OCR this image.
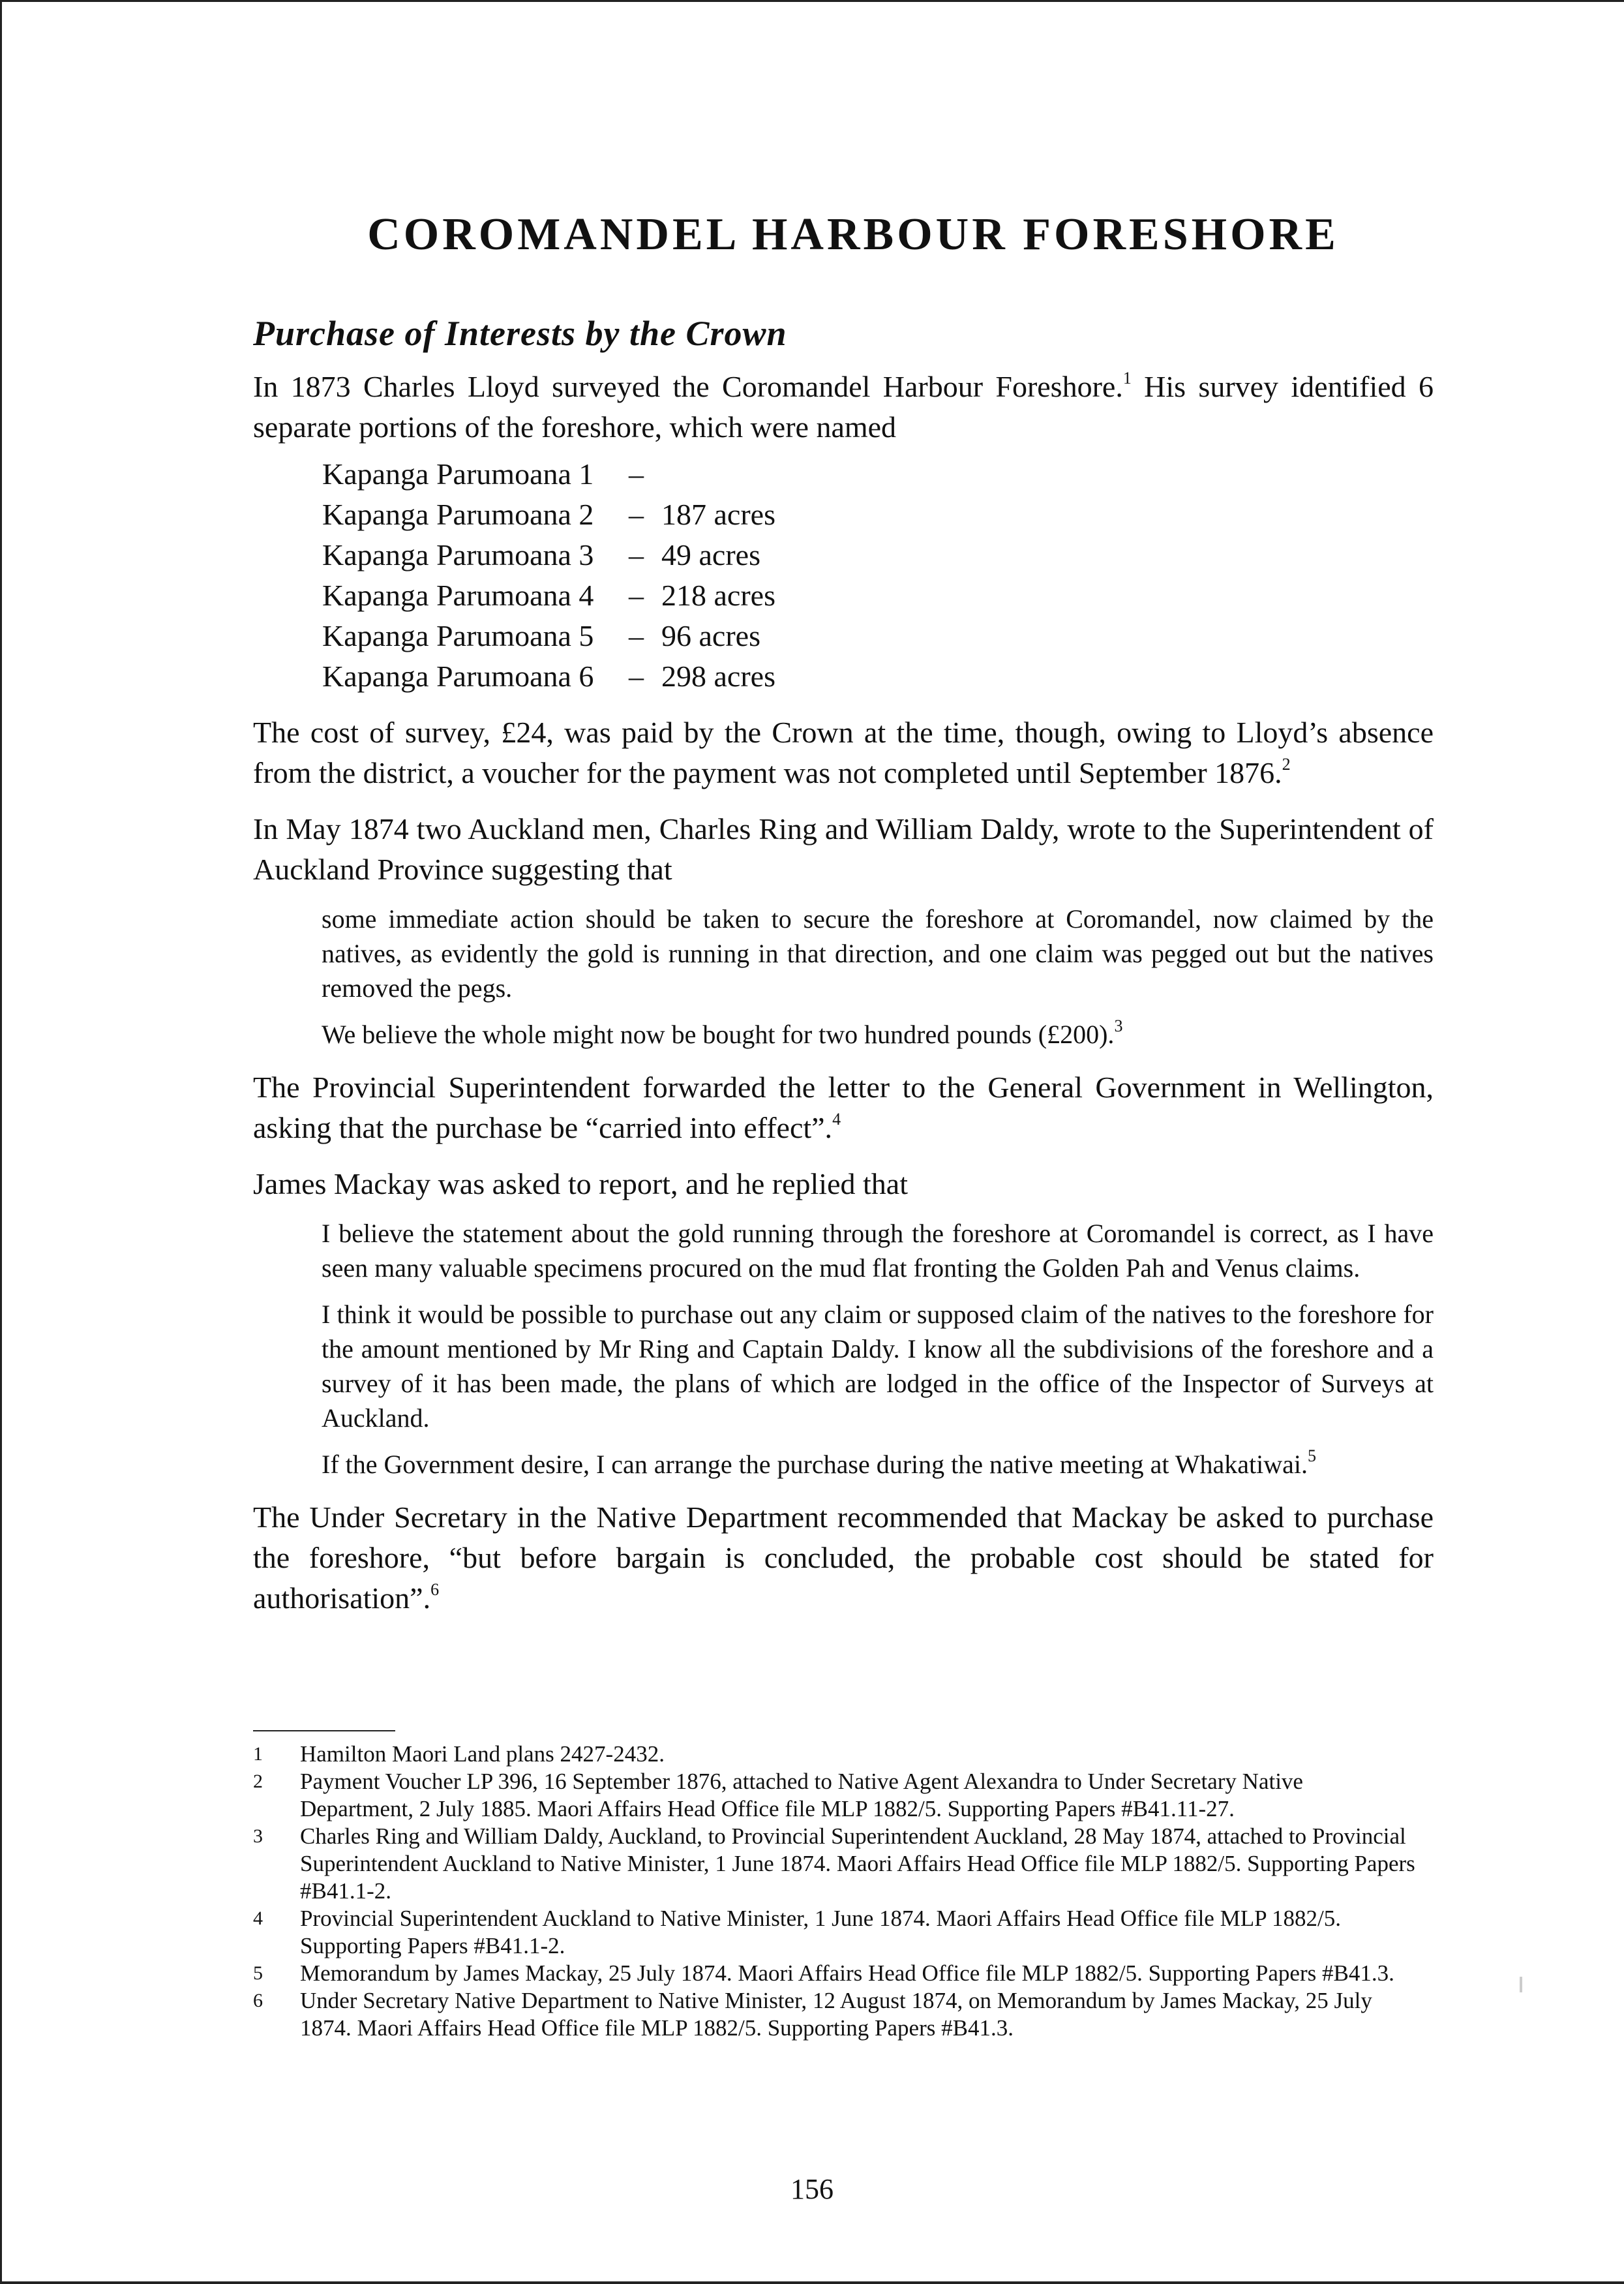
COROMANDEL HARBOUR FORESHORE
Purchase of Interests by the Crown

In 1873 Charles Lloyd surveyed the Coromandel Harbour Foreshore.$^1$ His survey identified 6 separate portions of the foreshore, which were named

Kapanga Parumoana 1	–
Kapanga Parumoana 2	– 187 acres
Kapanga Parumoana 3	– 49 acres
Kapanga Parumoana 4	– 218 acres
Kapanga Parumoana 5	– 96 acres
Kapanga Parumoana 6	– 298 acres

The cost of survey, £24, was paid by the Crown at the time, though, owing to Lloyd’s absence from the district, a voucher for the payment was not completed until September 1876.$^2$

In May 1874 two Auckland men, Charles Ring and William Daldy, wrote to the Superintendent of Auckland Province suggesting that

some immediate action should be taken to secure the foreshore at Coromandel, now claimed by the natives, as evidently the gold is running in that direction, and one claim was pegged out but the natives removed the pegs.

We believe the whole might now be bought for two hundred pounds (£200).$^3$

The Provincial Superintendent forwarded the letter to the General Government in Wellington, asking that the purchase be “carried into effect”.$^4$

James Mackay was asked to report, and he replied that

I believe the statement about the gold running through the foreshore at Coromandel is correct, as I have seen many valuable specimens procured on the mud flat fronting the Golden Pah and Venus claims.

I think it would be possible to purchase out any claim or supposed claim of the natives to the foreshore for the amount mentioned by Mr Ring and Captain Daldy. I know all the subdivisions of the foreshore and a survey of it has been made, the plans of which are lodged in the office of the Inspector of Surveys at Auckland.

If the Government desire, I can arrange the purchase during the native meeting at Whakatiwai.$^5$

The Under Secretary in the Native Department recommended that Mackay be asked to purchase the foreshore, “but before bargain is concluded, the probable cost should be stated for authorisation”.$^6$

1	Hamilton Maori Land plans 2427-2432.
2	Payment Voucher LP 396, 16 September 1876, attached to Native Agent Alexandra to Under Secretary Native Department, 2 July 1885. Maori Affairs Head Office file MLP 1882/5. Supporting Papers #B41.11-27.
3	Charles Ring and William Daldy, Auckland, to Provincial Superintendent Auckland, 28 May 1874, attached to Provincial Superintendent Auckland to Native Minister, 1 June 1874. Maori Affairs Head Office file MLP 1882/5. Supporting Papers #B41.1-2.
4	Provincial Superintendent Auckland to Native Minister, 1 June 1874. Maori Affairs Head Office file MLP 1882/5. Supporting Papers #B41.1-2.
5	Memorandum by James Mackay, 25 July 1874. Maori Affairs Head Office file MLP 1882/5. Supporting Papers #B41.3.
6	Under Secretary Native Department to Native Minister, 12 August 1874, on Memorandum by James Mackay, 25 July 1874. Maori Affairs Head Office file MLP 1882/5. Supporting Papers #B41.3.
156
